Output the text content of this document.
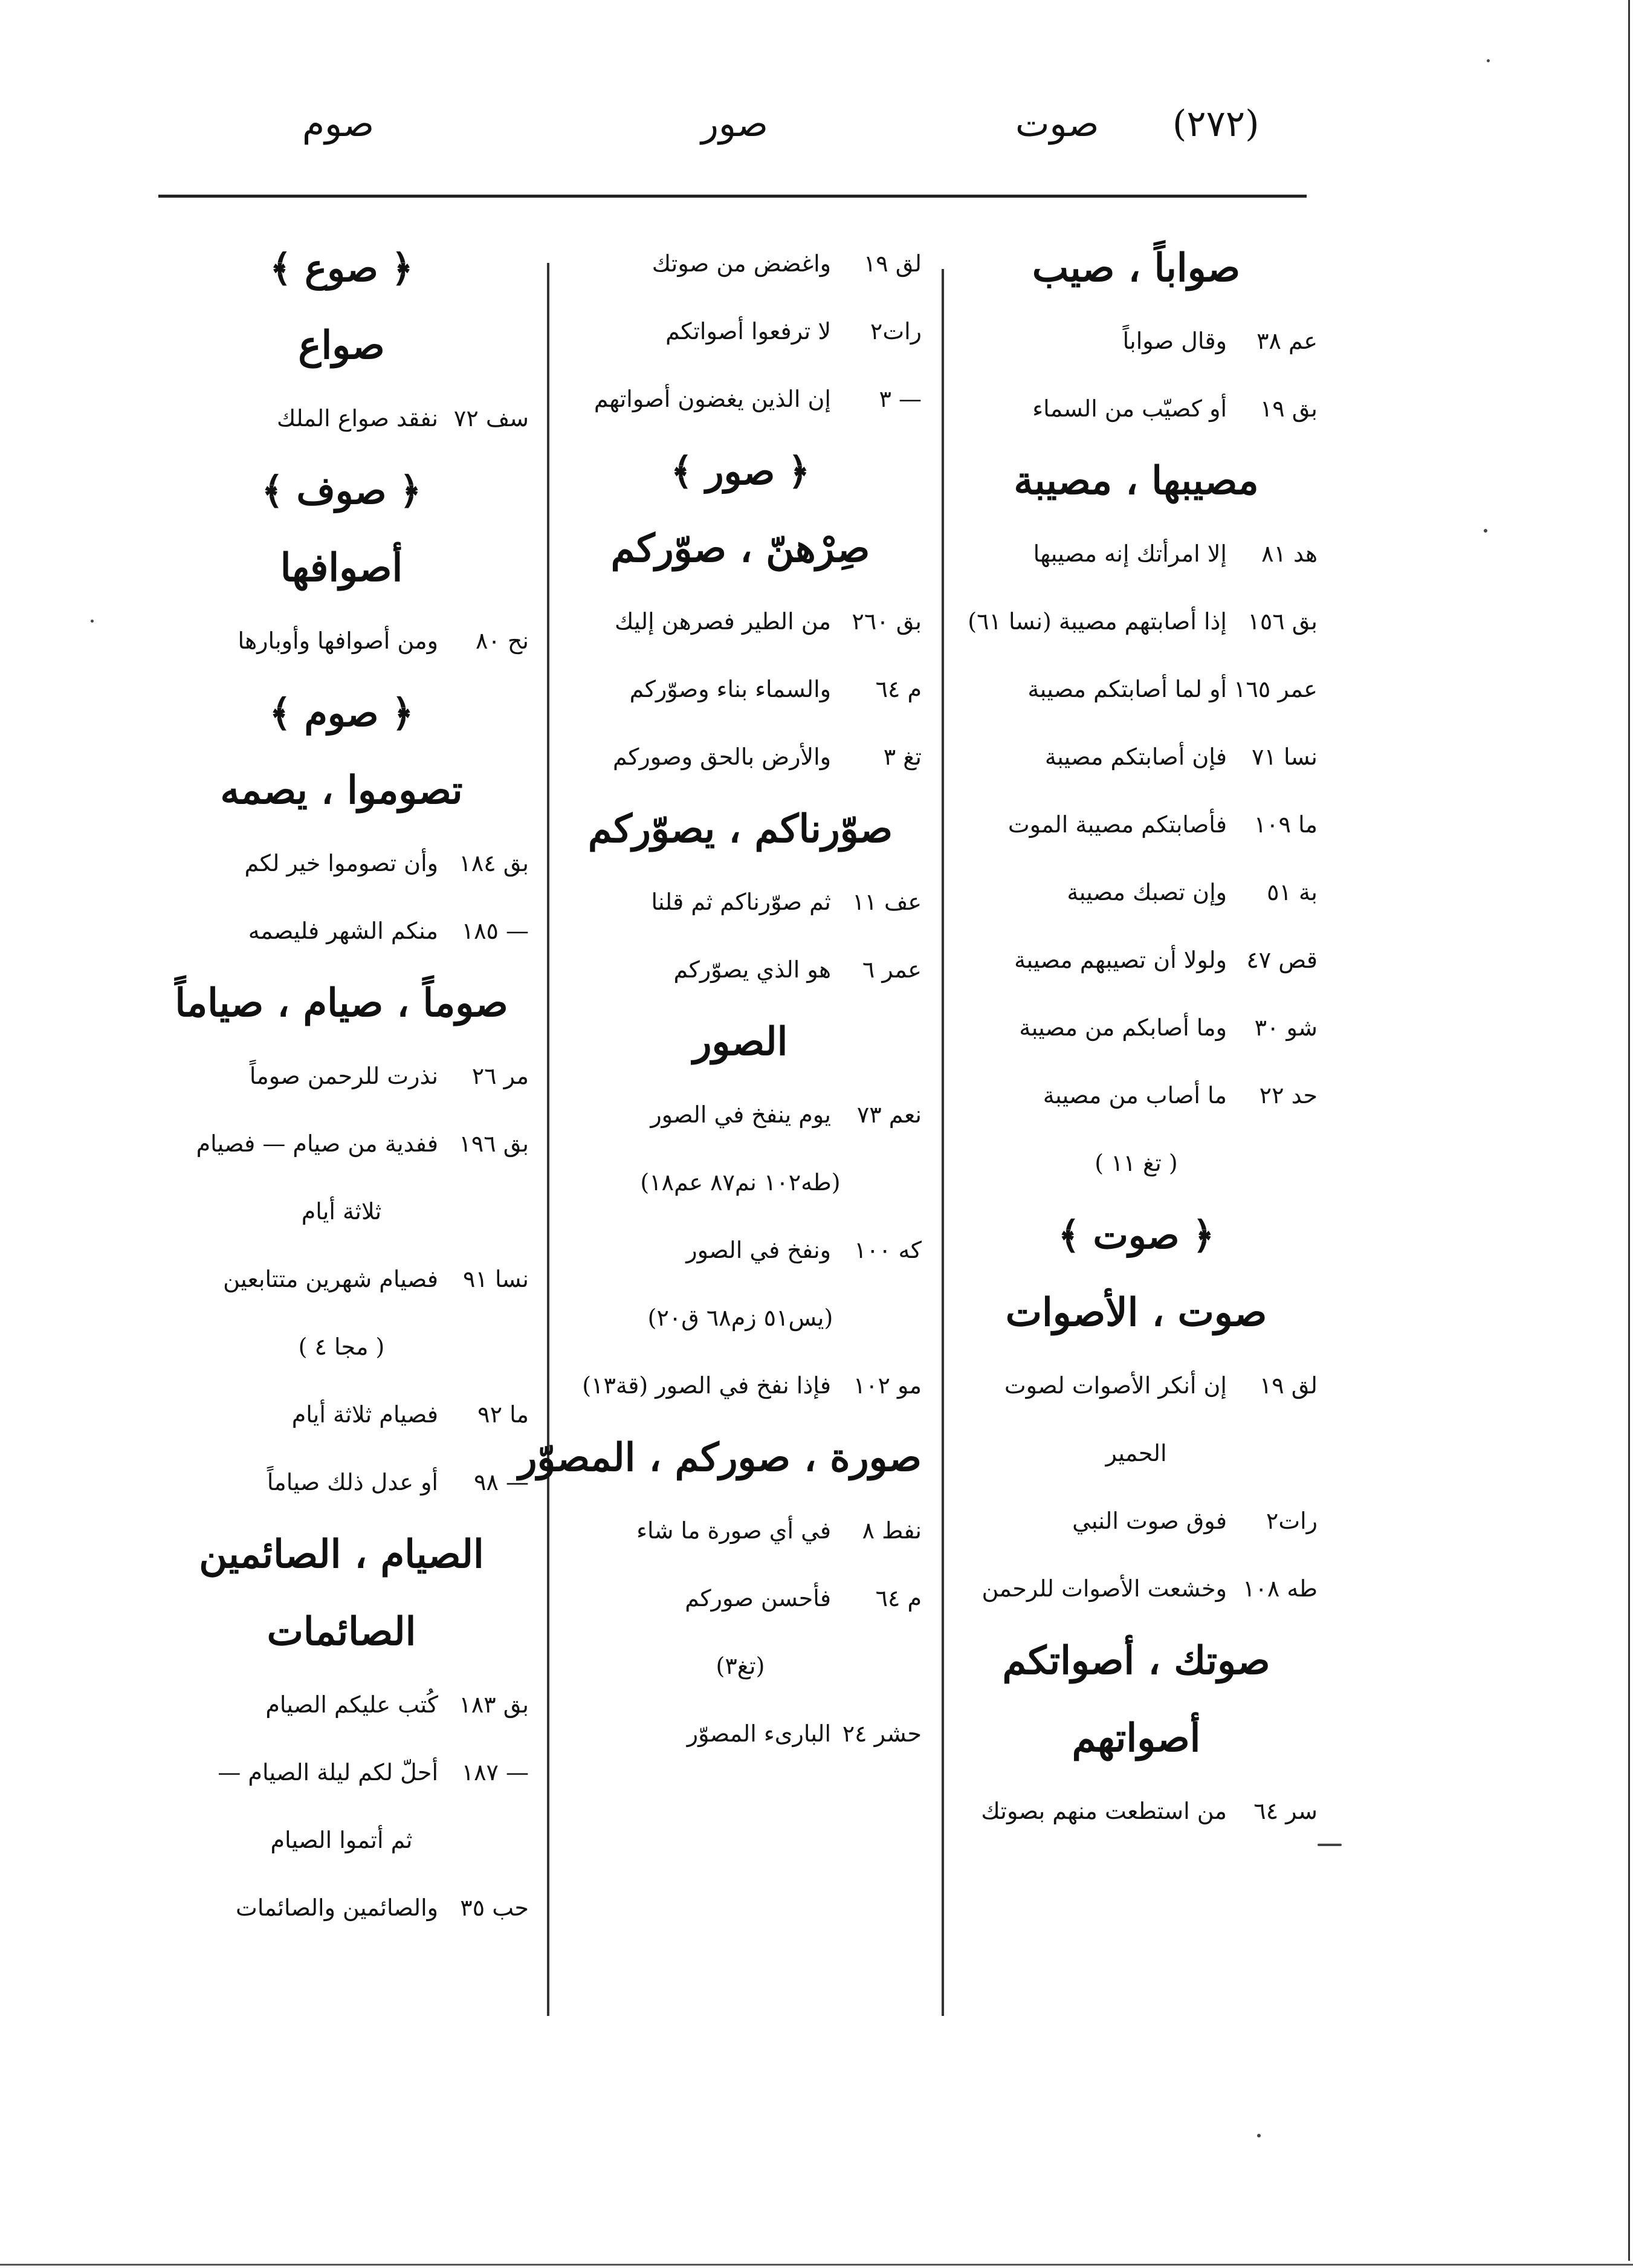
(٢٧٢)
صوت
صور
صوم
صواباً ، صيب
عم ٣٨
وقال صواباً
بق ١٩
أو كصيّب من السماء
مصيبها ، مصيبة
هد ٨١
إلا امرأتك إنه مصيبها
بق ١٥٦
إذا أصابتهم مصيبة (نسا ٦١)
عمر ١٦٥
أو لما أصابتكم مصيبة
نسا ٧١
فإن أصابتكم مصيبة
ما ١٠٩
فأصابتكم مصيبة الموت
بة ٥١
وإن تصبك مصيبة
قص ٤٧
ولولا أن تصيبهم مصيبة
شو ٣٠
وما أصابكم من مصيبة
حد ٢٢
ما أصاب من مصيبة
( تغ ١١ )
﴿ صوت ﴾
صوت ، الأصوات
لق ١٩
إن أنكر الأصوات لصوت
الحمير
رات٢
فوق صوت النبي
طه ١٠٨
وخشعت الأصوات للرحمن
صوتك ، أصواتكم
أصواتهم
سر ٦٤
من استطعت منهم بصوتك
لق ١٩
واغضض من صوتك
رات٢
لا ترفعوا أصواتكم
— ٣
إن الذين يغضون أصواتهم
﴿ صور ﴾
صِرْهنّ ، صوّركم
بق ٢٦٠
من الطير فصرهن إليك
م ٦٤
والسماء بناء وصوّركم
تغ ٣
والأرض بالحق وصوركم
صوّرناكم ، يصوّركم
عف ١١
ثم صوّرناكم ثم قلنا
عمر ٦
هو الذي يصوّركم
الصور
نعم ٧٣
يوم ينفخ في الصور
(طه١٠٢ نم٨٧ عم١٨)
كه ١٠٠
ونفخ في الصور
(يس٥١ زم٦٨ ق٢٠)
مو ١٠٢
فإذا نفخ في الصور (قة١٣)
صورة ، صوركم ، المصوّر
نفط ٨
في أي صورة ما شاء
م ٦٤
فأحسن صوركم
(تغ٣)
حشر ٢٤
البارىء المصوّر
﴿ صوع ﴾
صواع
سف ٧٢
نفقد صواع الملك
﴿ صوف ﴾
أصوافها
نح ٨٠
ومن أصوافها وأوبارها
﴿ صوم ﴾
تصوموا ، يصمه
بق ١٨٤
وأن تصوموا خير لكم
— ١٨٥
منكم الشهر فليصمه
صوماً ، صيام ، صياماً
مر ٢٦
نذرت للرحمن صوماً
بق ١٩٦
ففدية من صيام — فصيام
ثلاثة أيام
نسا ٩١
فصيام شهرين متتابعين
( مجا ٤ )
ما ٩٢
فصيام ثلاثة أيام
— ٩٨
أو عدل ذلك صياماً
الصيام ، الصائمين
الصائمات
بق ١٨٣
كُتب عليكم الصيام
— ١٨٧
أحلّ لكم ليلة الصيام —
ثم أتموا الصيام
حب ٣٥
والصائمين والصائمات
